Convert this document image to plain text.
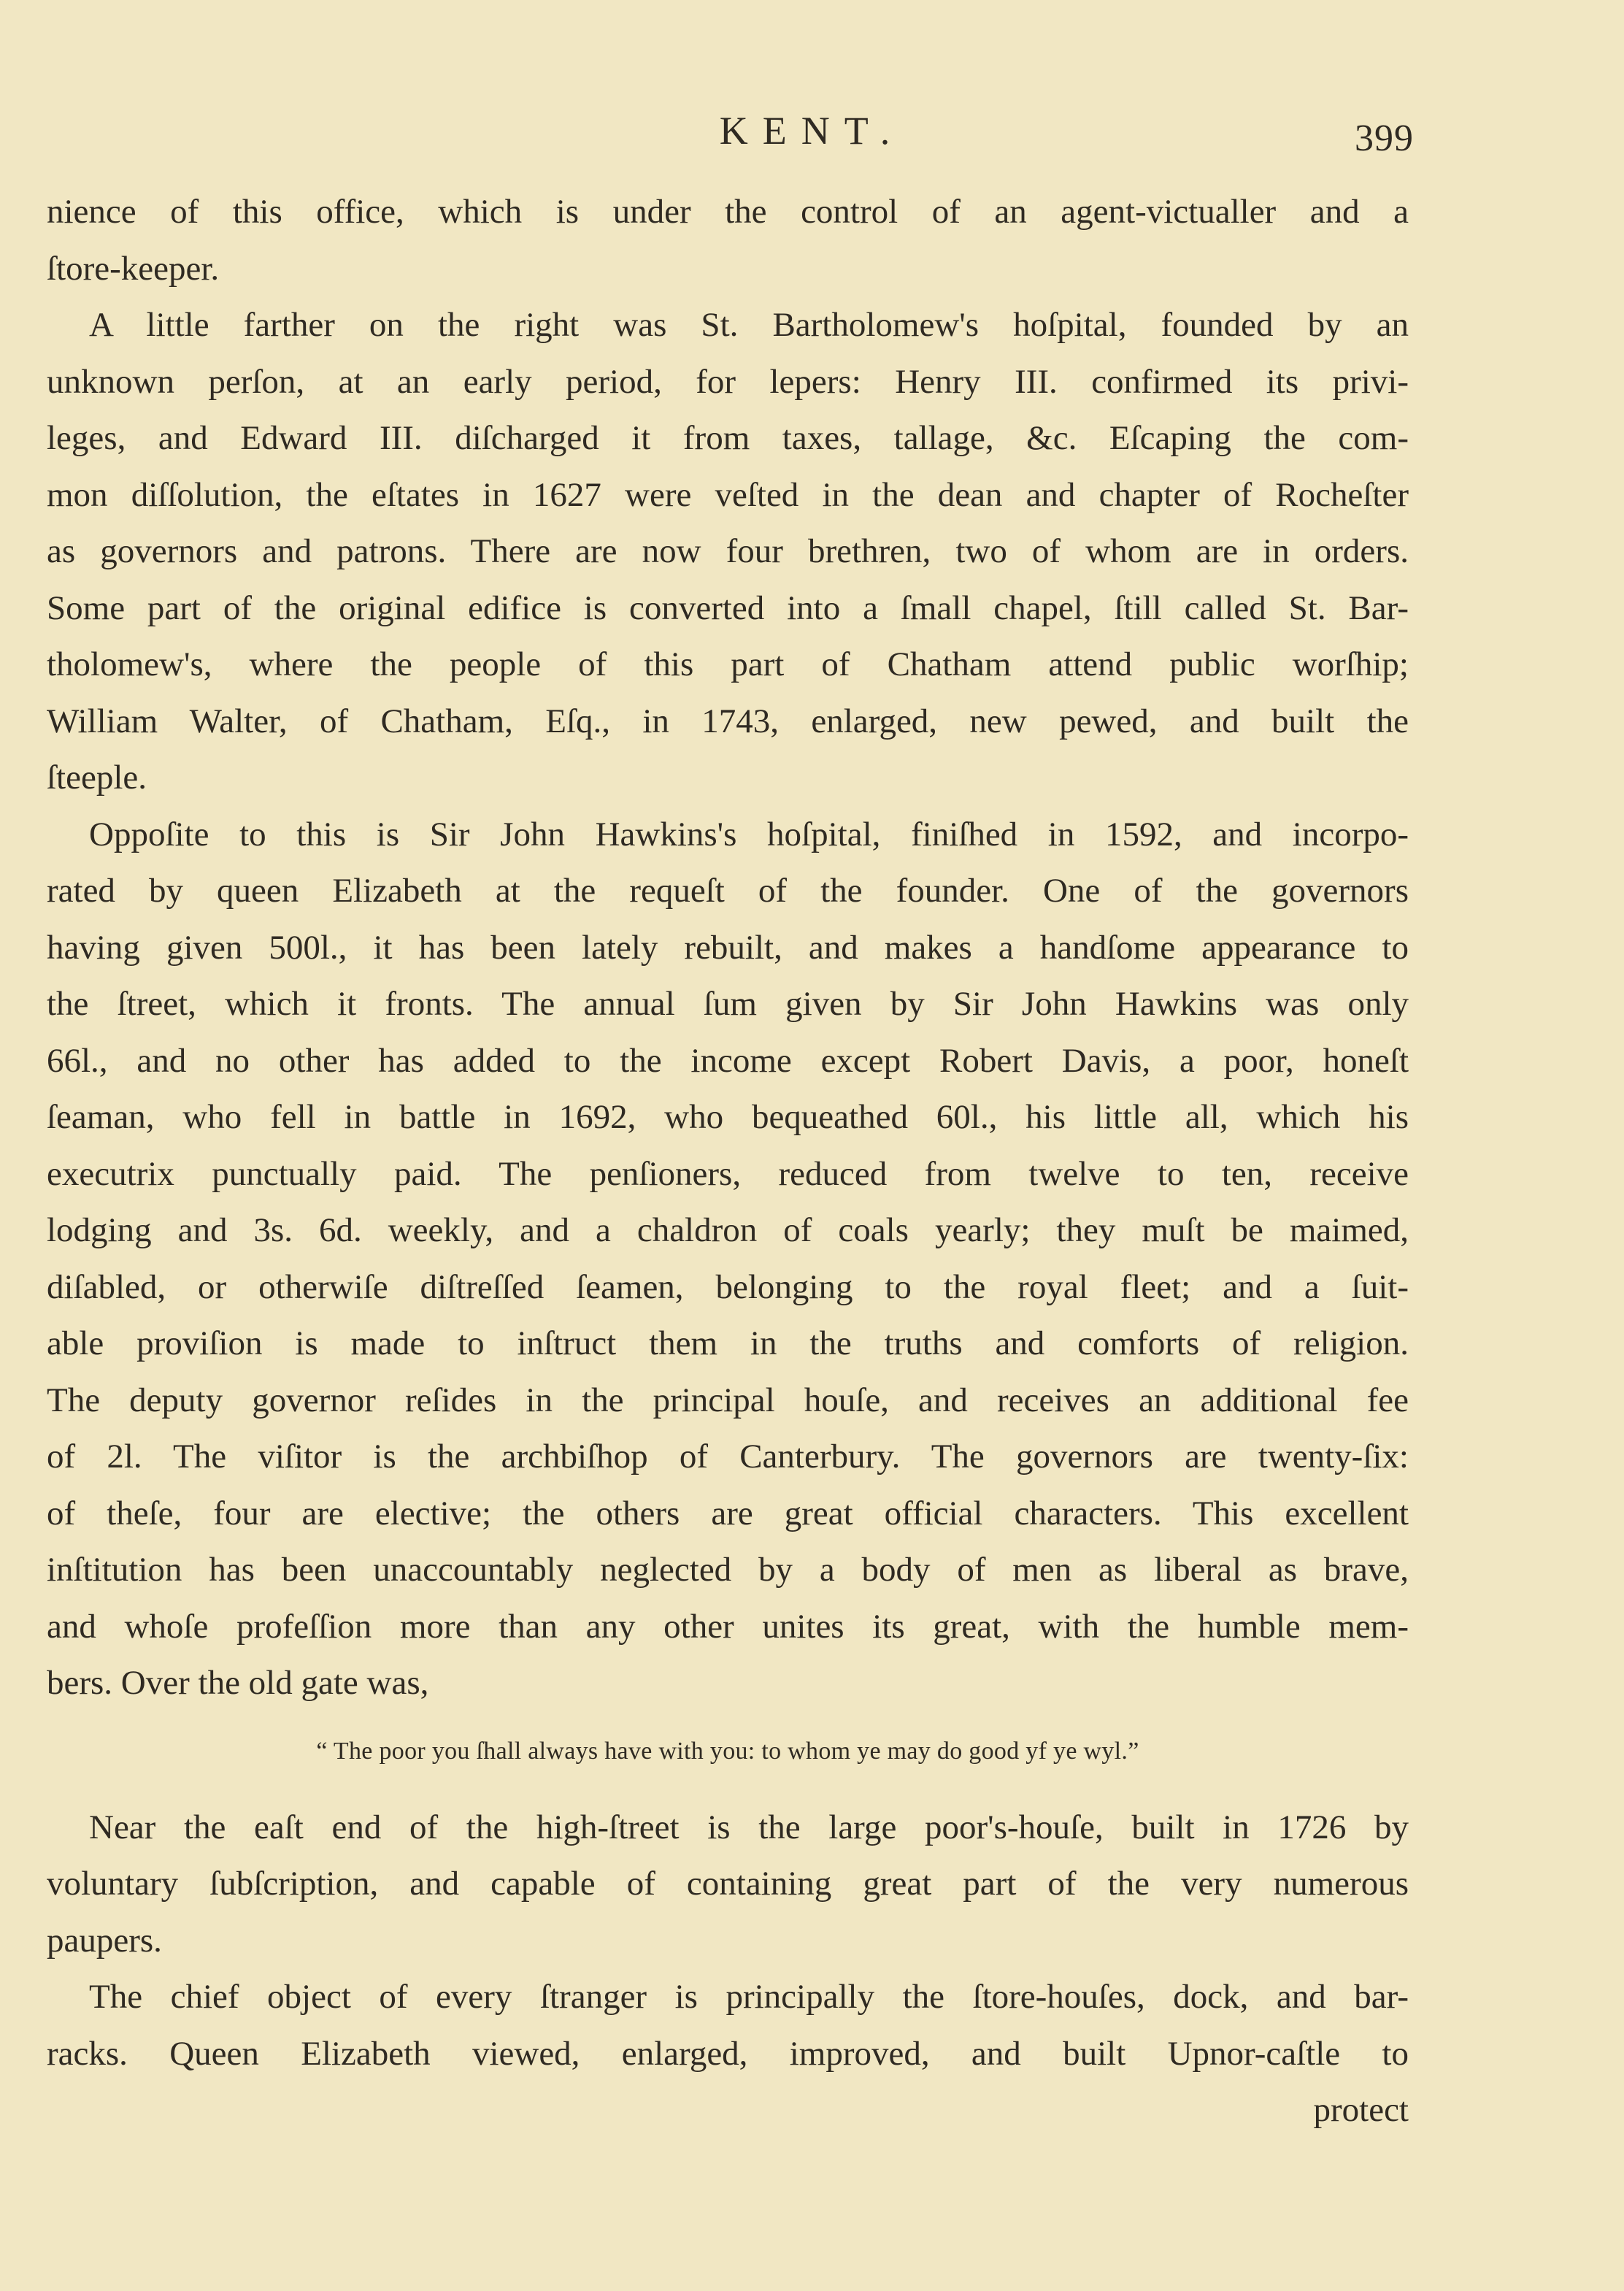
KENT.	399
nience of this office, which is under the control of an agent-victualler and a
ſtore-keeper.
A little farther on the right was St. Bartholomew's hoſpital, founded by an
unknown perſon, at an early period, for lepers: Henry III. confirmed its privi-
leges, and Edward III. diſcharged it from taxes, tallage, &c. Eſcaping the com-
mon diſſolution, the eſtates in 1627 were veſted in the dean and chapter of Rocheſter
as governors and patrons. There are now four brethren, two of whom are in orders.
Some part of the original edifice is converted into a ſmall chapel, ſtill called St. Bar-
tholomew's, where the people of this part of Chatham attend public worſhip;
William Walter, of Chatham, Eſq., in 1743, enlarged, new pewed, and built the
ſteeple.
Oppoſite to this is Sir John Hawkins's hoſpital, finiſhed in 1592, and incorpo-
rated by queen Elizabeth at the requeſt of the founder. One of the governors
having given 500l., it has been lately rebuilt, and makes a handſome appearance to
the ſtreet, which it fronts. The annual ſum given by Sir John Hawkins was only
66l., and no other has added to the income except Robert Davis, a poor, honeſt
ſeaman, who fell in battle in 1692, who bequeathed 60l., his little all, which his
executrix punctually paid. The penſioners, reduced from twelve to ten, receive
lodging and 3s. 6d. weekly, and a chaldron of coals yearly; they muſt be maimed,
diſabled, or otherwiſe diſtreſſed ſeamen, belonging to the royal fleet; and a ſuit-
able proviſion is made to inſtruct them in the truths and comforts of religion.
The deputy governor reſides in the principal houſe, and receives an additional fee
of 2l. The viſitor is the archbiſhop of Canterbury. The governors are twenty-ſix:
of theſe, four are elective; the others are great official characters. This excellent
inſtitution has been unaccountably neglected by a body of men as liberal as brave,
and whoſe profeſſion more than any other unites its great, with the humble mem-
bers. Over the old gate was,
“ The poor you ſhall always have with you: to whom ye may do good yf ye wyl.”
Near the eaſt end of the high-ſtreet is the large poor's-houſe, built in 1726 by
voluntary ſubſcription, and capable of containing great part of the very numerous
paupers.
The chief object of every ſtranger is principally the ſtore-houſes, dock, and bar-
racks. Queen Elizabeth viewed, enlarged, improved, and built Upnor-caſtle to
protect
